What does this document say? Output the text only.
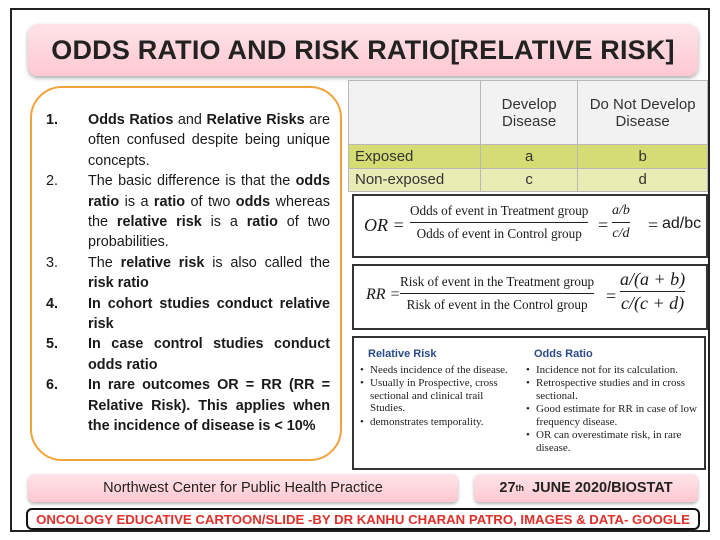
ODDS RATIO AND RISK RATIO[RELATIVE RISK]
1.	Odds Ratios and Relative Risks are often confused despite being unique concepts.
2.	The basic difference is that the odds ratio is a ratio of two odds whereas the relative risk is a ratio of two probabilities.
3.	The relative risk is also called the risk ratio
4.	In cohort studies conduct relative risk
5.	In case control studies conduct odds ratio
6.	In rare outcomes OR = RR (RR = Relative Risk). This applies when the incidence of disease is < 10%
	Develop Disease	Do Not Develop Disease
Exposed	a	b
Non-exposed	c	d
OR =
Odds of event in Treatment group
Odds of event in Control group =
a/b
c/d = ad/bc
RR =
Risk of event in the Treatment group
Risk of event in the Control group	=
a/(a + b)
c/(c + d)
Relative Risk
• Needs incidence of the disease.
• Usually in Prospective, cross sectional and clinical trail Studies.
• demonstrates temporality.
Odds Ratio
• Incidence not for its calculation.
• Retrospective studies and in cross sectional.
• Good estimate for RR in case of low frequency disease.
• OR can overestimate risk, in rare disease.
Northwest Center for Public Health Practice	27 th
JUNE 2020/BIOSTAT
ONCOLOGY EDUCATIVE CARTOON/SLIDE -BY DR KANHU CHARAN PATRO, IMAGES & DATA- GOOGLE
